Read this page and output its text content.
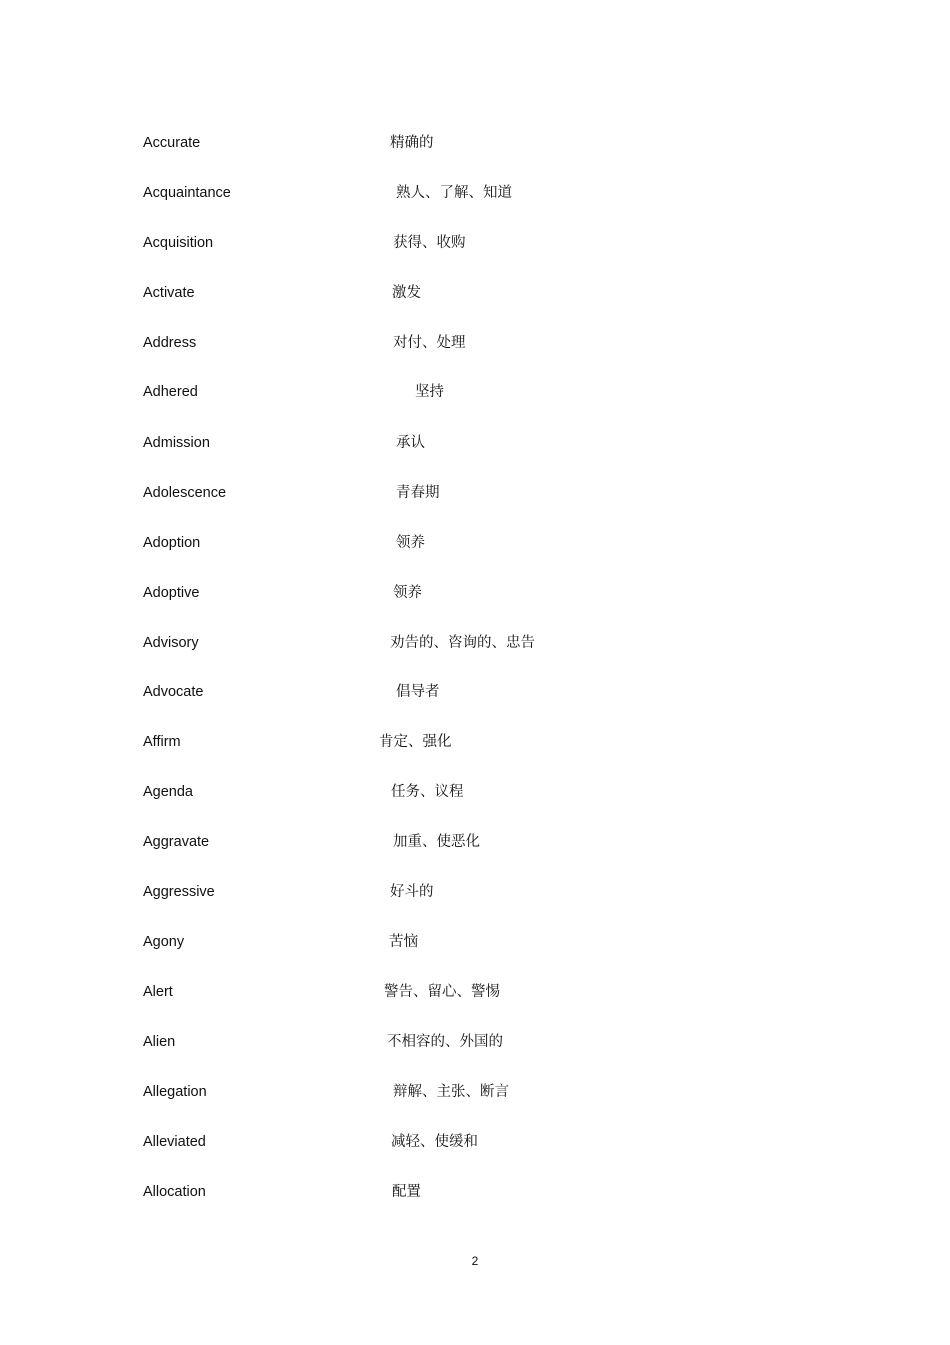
Accurate	精确的
Acquaintance	熟人、了解、知道
Acquisition	获得、收购
Activate	激发
Address	对付、处理
Adhered	坚持
Admission	承认
Adolescence	青春期
Adoption	领养
Adoptive	领养
Advisory	劝告的、咨询的、忠告
Advocate	倡导者
Affirm	肯定、强化
Agenda	任务、议程
Aggravate	加重、使恶化
Aggressive	好斗的
Agony	苦恼
Alert	警告、留心、警惕
Alien	不相容的、外国的
Allegation	辩解、主张、断言
Alleviated	减轻、使缓和
Allocation	配置
2
